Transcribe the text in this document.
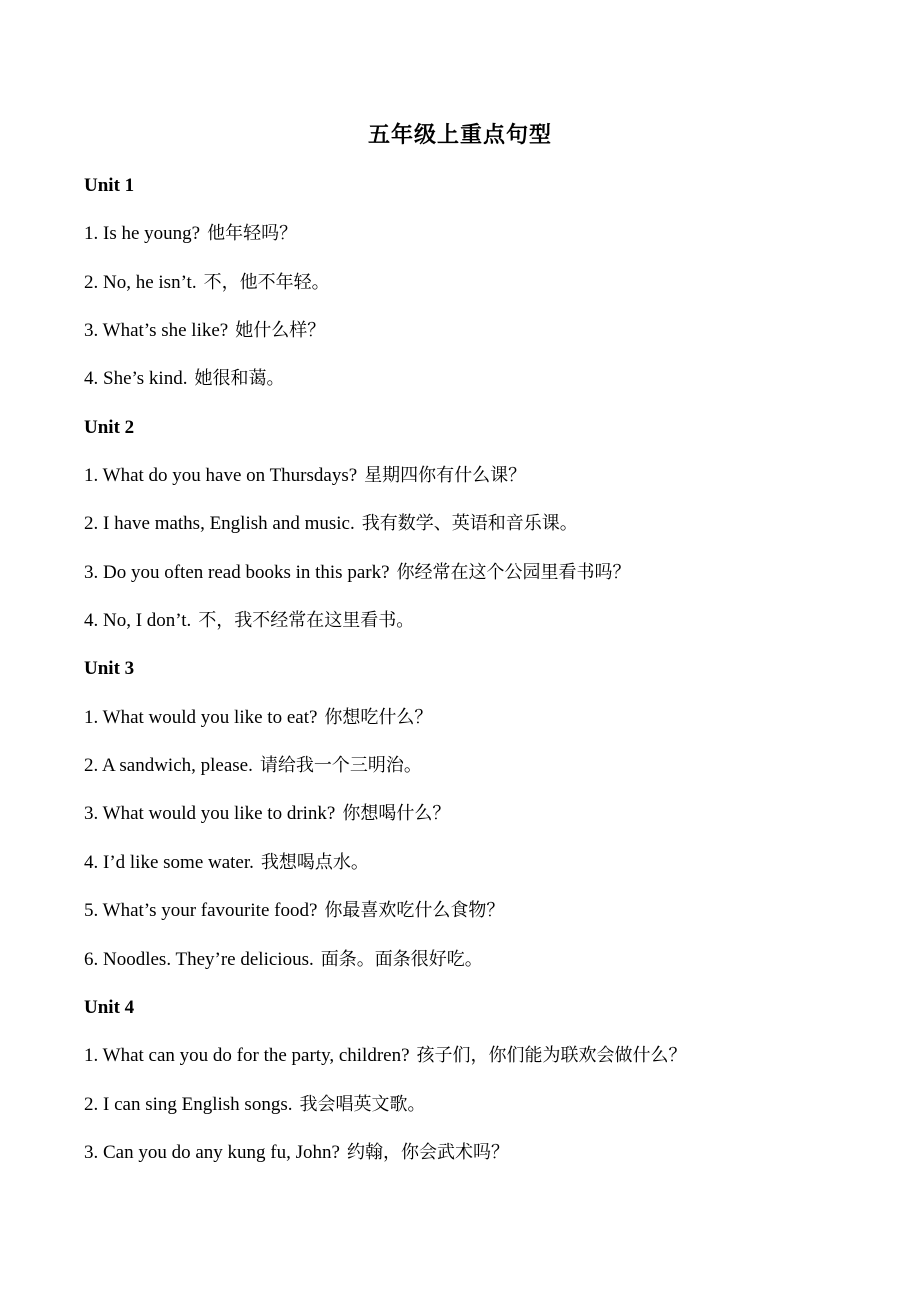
五年级上重点句型
Unit 1
1. Is he young? 他年轻吗？
2. No, he isn’t. 不，他不年轻。
3. What’s she like? 她什么样？
4. She’s kind. 她很和蔼。
Unit 2
1. What do you have on Thursdays? 星期四你有什么课？
2. I have maths, English and music. 我有数学、英语和音乐课。
3. Do you often read books in this park? 你经常在这个公园里看书吗？
4. No, I don’t. 不，我不经常在这里看书。
Unit 3
1. What would you like to eat? 你想吃什么？
2. A sandwich, please. 请给我一个三明治。
3. What would you like to drink? 你想喝什么？
4. I’d like some water. 我想喝点水。
5. What’s your favourite food? 你最喜欢吃什么食物？
6. Noodles. They’re delicious. 面条。面条很好吃。
Unit 4
1. What can you do for the party, children? 孩子们，你们能为联欢会做什么？
2. I can sing English songs. 我会唱英文歌。
3. Can you do any kung fu, John? 约翰，你会武术吗？
